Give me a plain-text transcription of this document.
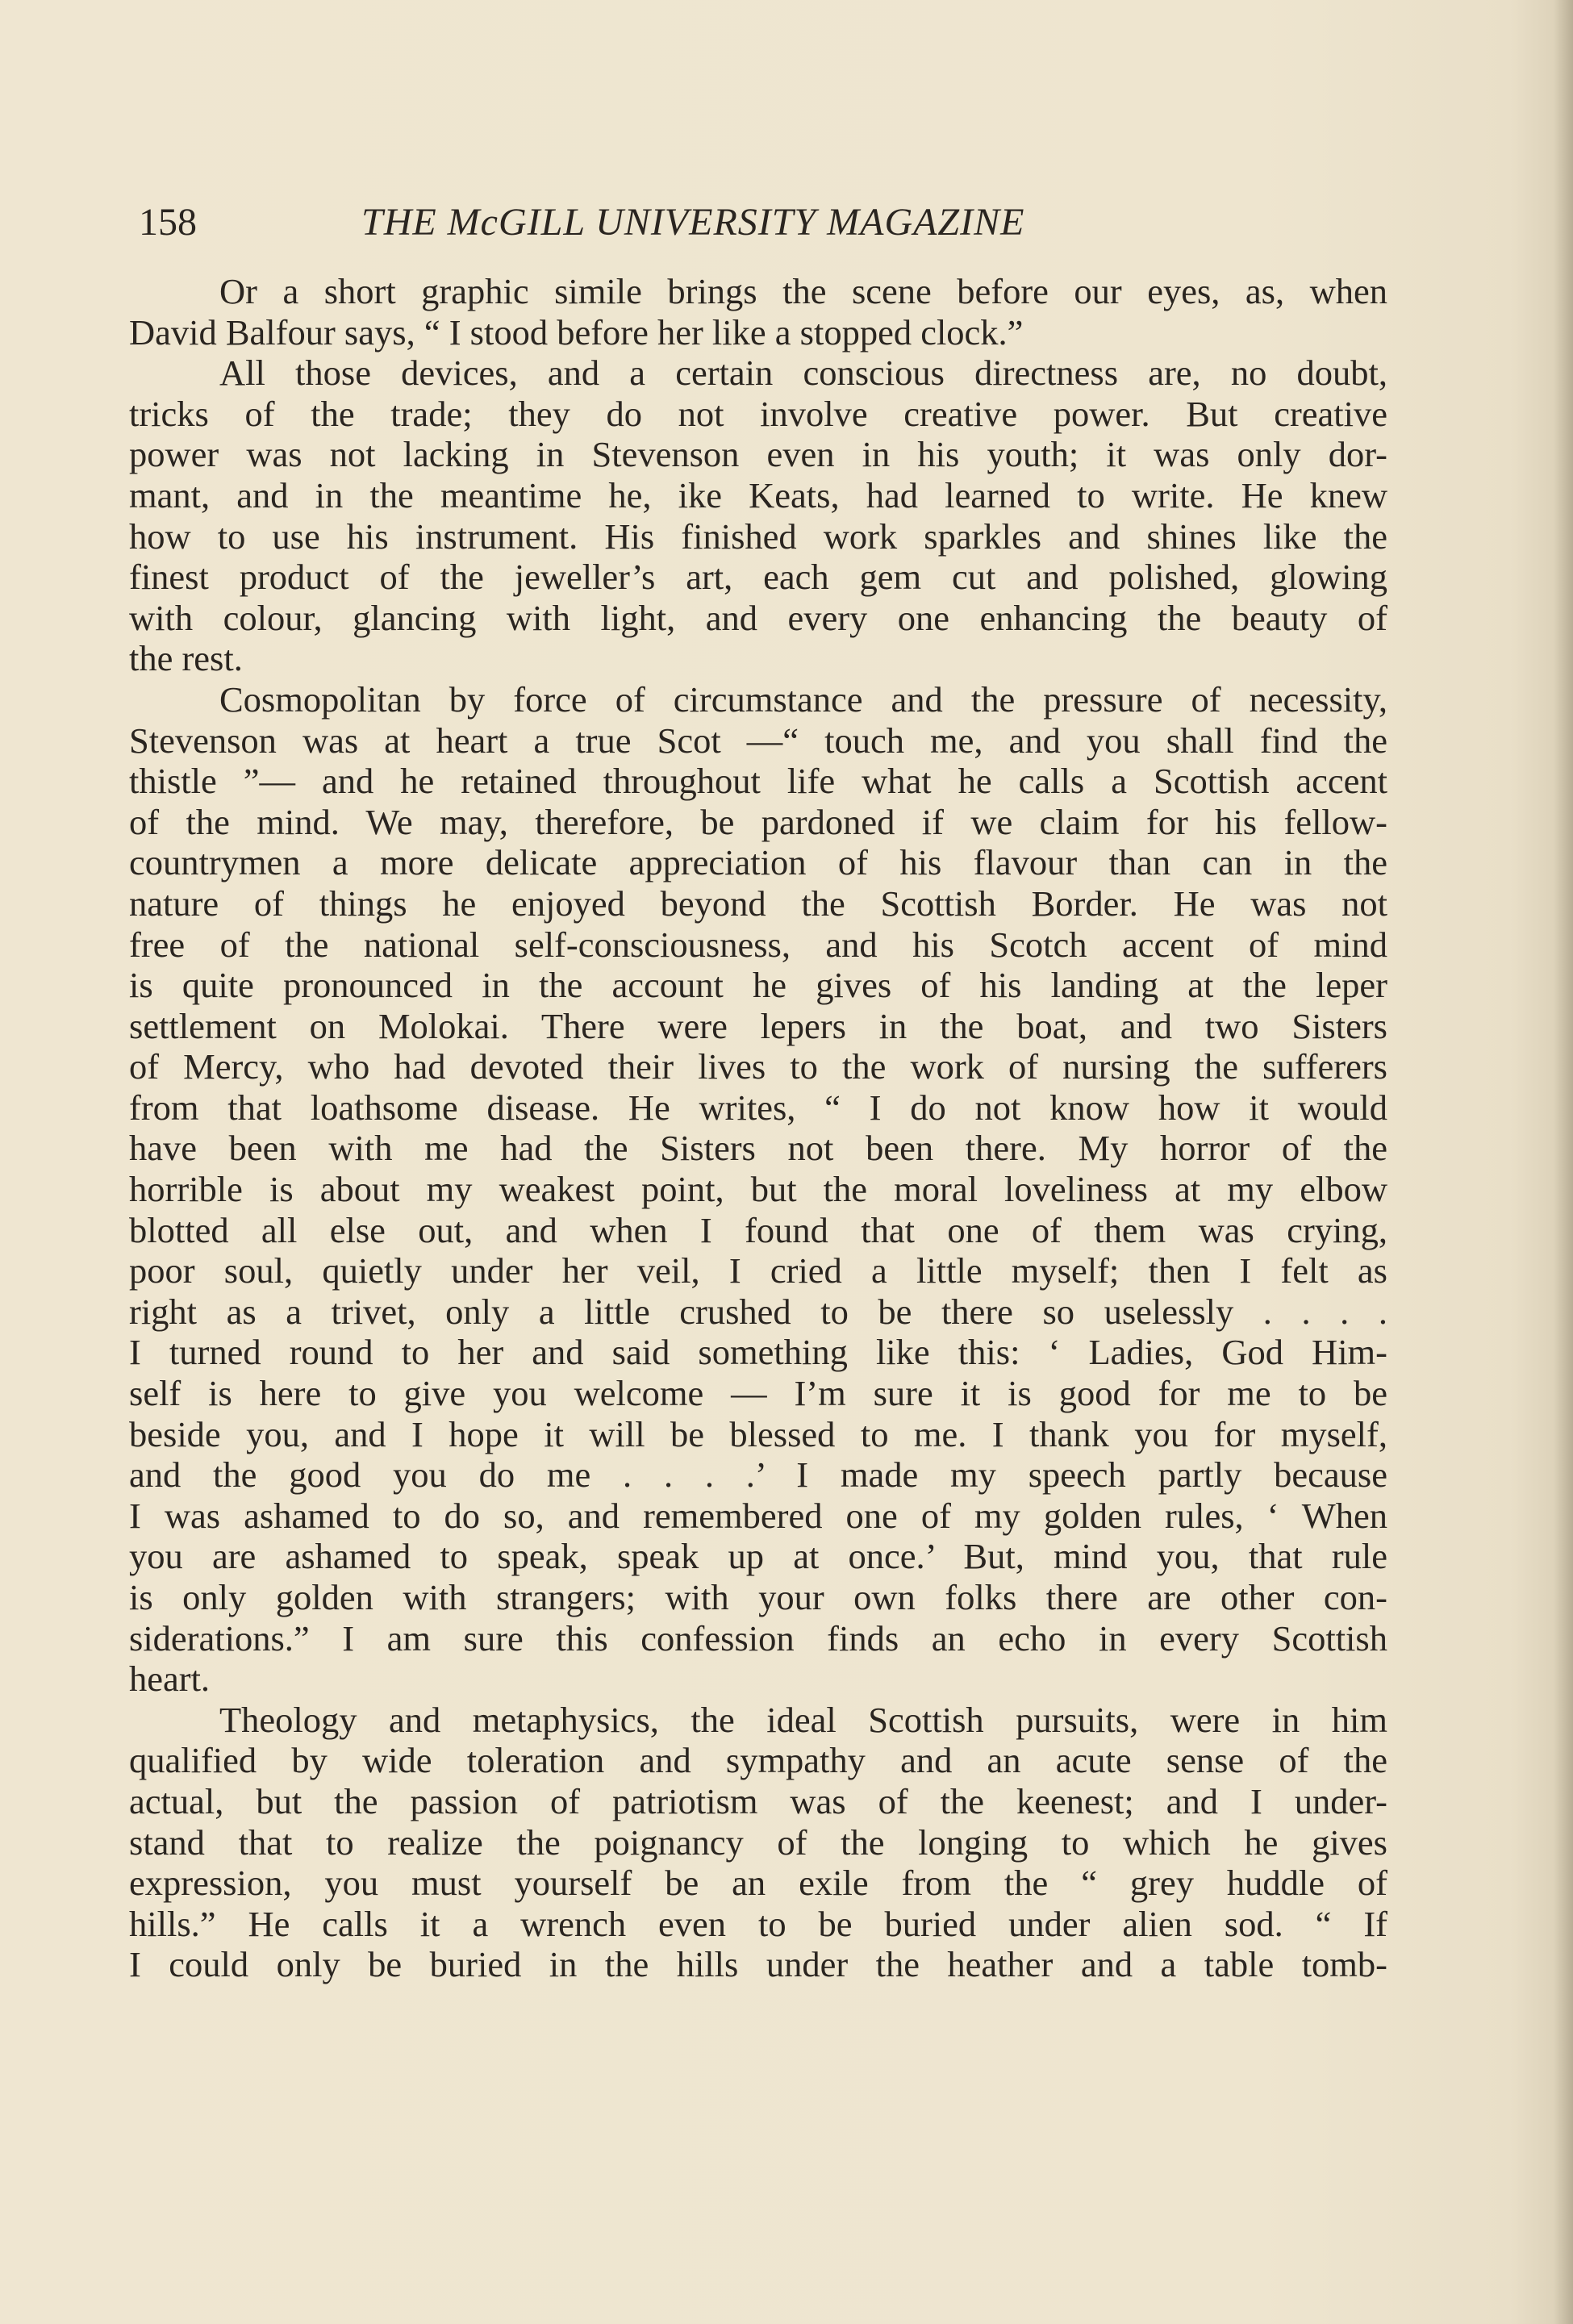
158	THE McGILL UNIVERSITY MAGAZINE
Or a short graphic simile brings the scene before our eyes, as, when
David Balfour says, “ I stood before her like a stopped clock.”
All those devices, and a certain conscious directness are, no doubt,
tricks of the trade; they do not involve creative power. But creative
power was not lacking in Stevenson even in his youth; it was only dor-
mant, and in the meantime he, ike Keats, had learned to write. He knew
how to use his instrument. His finished work sparkles and shines like the
finest product of the jeweller’s art, each gem cut and polished, glowing
with colour, glancing with light, and every one enhancing the beauty of
the rest.
Cosmopolitan by force of circumstance and the pressure of necessity,
Stevenson was at heart a true Scot —“ touch me, and you shall find the
thistle ”— and he retained throughout life what he calls a Scottish accent
of the mind. We may, therefore, be pardoned if we claim for his fellow-
countrymen a more delicate appreciation of his flavour than can in the
nature of things he enjoyed beyond the Scottish Border. He was not
free of the national self-consciousness, and his Scotch accent of mind
is quite pronounced in the account he gives of his landing at the leper
settlement on Molokai. There were lepers in the boat, and two Sisters
of Mercy, who had devoted their lives to the work of nursing the sufferers
from that loathsome disease. He writes, “ I do not know how it would
have been with me had the Sisters not been there. My horror of the
horrible is about my weakest point, but the moral loveliness at my elbow
blotted all else out, and when I found that one of them was crying,
poor soul, quietly under her veil, I cried a little myself; then I felt as
right as a trivet, only a little crushed to be there so uselessly . . . .
I turned round to her and said something like this: ‘ Ladies, God Him-
self is here to give you welcome — I’m sure it is good for me to be
beside you, and I hope it will be blessed to me. I thank you for myself,
and the good you do me . . . .’ I made my speech partly because
I was ashamed to do so, and remembered one of my golden rules, ‘ When
you are ashamed to speak, speak up at once.’ But, mind you, that rule
is only golden with strangers; with your own folks there are other con-
siderations.” I am sure this confession finds an echo in every Scottish
heart.
Theology and metaphysics, the ideal Scottish pursuits, were in him
qualified by wide toleration and sympathy and an acute sense of the
actual, but the passion of patriotism was of the keenest; and I under-
stand that to realize the poignancy of the longing to which he gives
expression, you must yourself be an exile from the “ grey huddle of
hills.” He calls it a wrench even to be buried under alien sod. “ If
I could only be buried in the hills under the heather and a table tomb-
